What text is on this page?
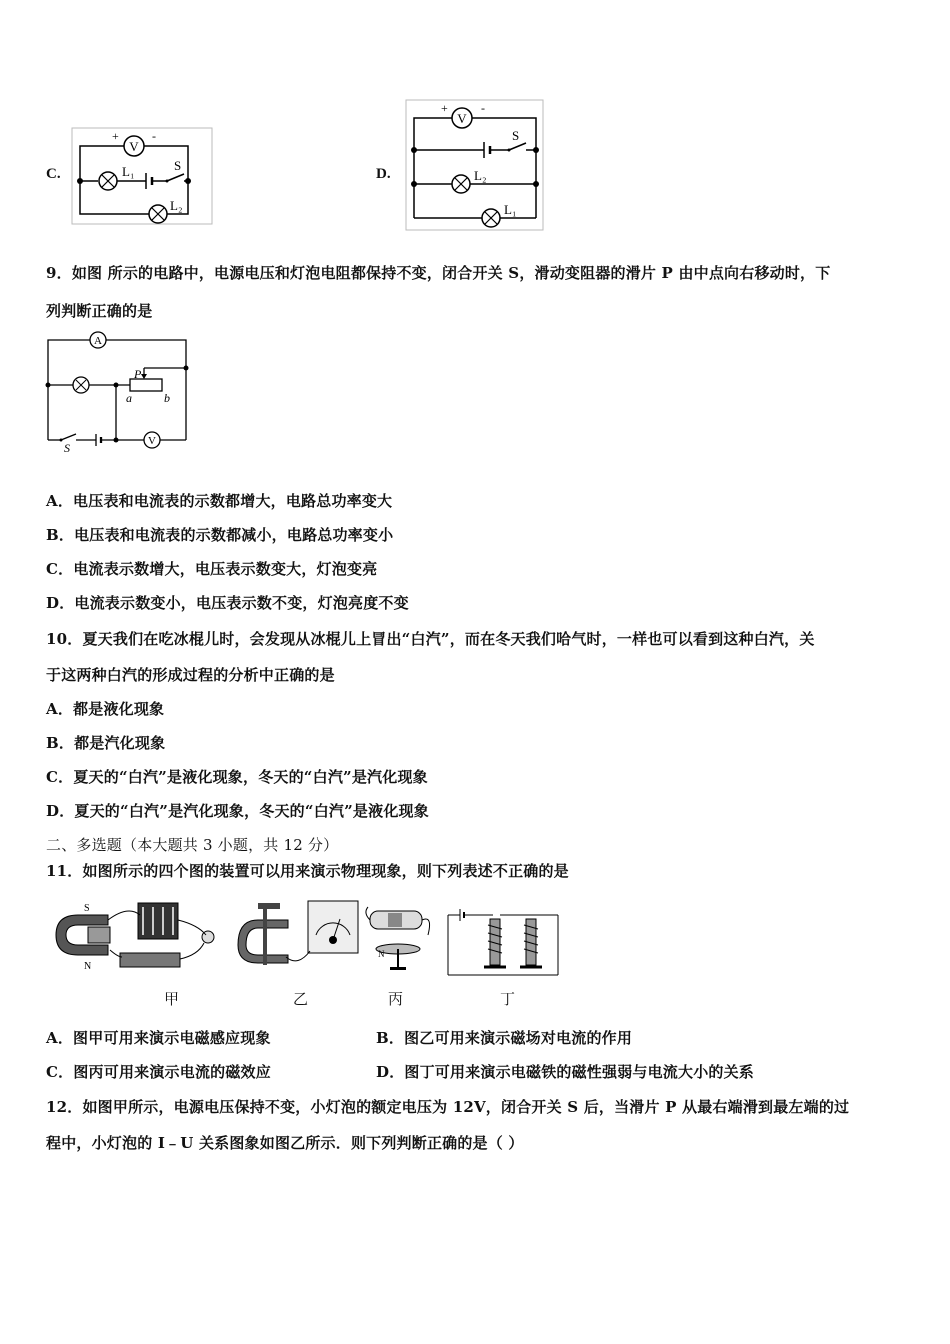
C.
V
+	-
L₁	S
L₂
D.
V
+	-
S
L₂
L₁
9．如图 所示的电路中，电源电压和灯泡电阻都保持不变，闭合开关 S，滑动变阻器的滑片 P 由中点向右移动时，下
列判断正确的是
A
P
a	b
S	V
A．电压表和电流表的示数都增大，电路总功率变大
B．电压表和电流表的示数都减小，电路总功率变小
C．电流表示数增大，电压表示数变大，灯泡变亮
D．电流表示数变小，电压表示数不变，灯泡亮度不变
10．夏天我们在吃冰棍儿时，会发现从冰棍儿上冒出“白汽”，而在冬天我们哈气时，一样也可以看到这种白汽，关
于这两种白汽的形成过程的分析中正确的是
A．都是液化现象
B．都是汽化现象
C．夏天的“白汽”是液化现象，冬天的“白汽”是汽化现象
D．夏天的“白汽”是汽化现象，冬天的“白汽”是液化现象
二、多选题（本大题共 3 小题，共 12 分）
11．如图所示的四个图的装置可以用来演示物理现象，则下列表述不正确的是
S
N
N
甲	乙	丙	丁
A．图甲可用来演示电磁感应现象	B．图乙可用来演示磁场对电流的作用
C．图丙可用来演示电流的磁效应	D．图丁可用来演示电磁铁的磁性强弱与电流大小的关系
12．如图甲所示，电源电压保持不变，小灯泡的额定电压为 12V，闭合开关 S 后，当滑片 P 从最右端滑到最左端的过
程中，小灯泡的 I﹣U 关系图象如图乙所示．则下列判断正确的是（ ）
